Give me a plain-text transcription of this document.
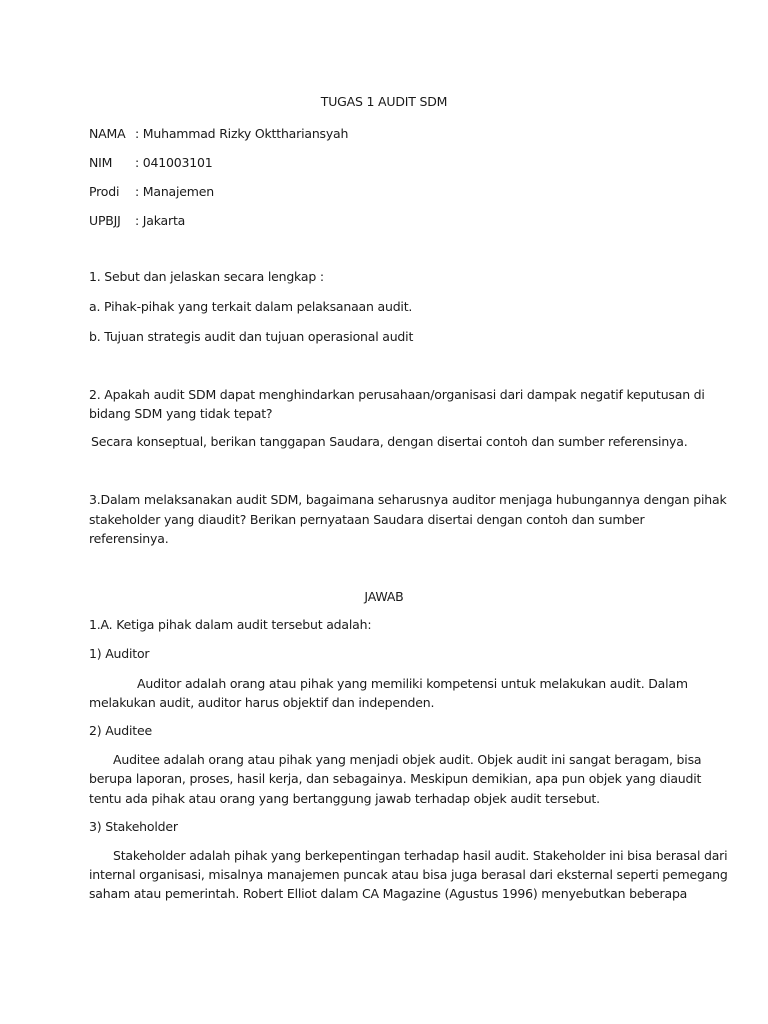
TUGAS 1 AUDIT SDM
NAMA : Muhammad Rizky Oktthariansyah
NIM : 041003101
Prodi : Manajemen
UPBJJ : Jakarta
1. Sebut dan jelaskan secara lengkap :
a. Pihak-pihak yang terkait dalam pelaksanaan audit.
b. Tujuan strategis audit dan tujuan operasional audit
2. Apakah audit SDM dapat menghindarkan perusahaan/organisasi dari dampak negatif keputusan di
bidang SDM yang tidak tepat?
Secara konseptual, berikan tanggapan Saudara, dengan disertai contoh dan sumber referensinya.
3.Dalam melaksanakan audit SDM, bagaimana seharusnya auditor menjaga hubungannya dengan pihak
stakeholder yang diaudit? Berikan pernyataan Saudara disertai dengan contoh dan sumber
referensinya.
JAWAB
1.A. Ketiga pihak dalam audit tersebut adalah:
1) Auditor
Auditor adalah orang atau pihak yang memiliki kompetensi untuk melakukan audit. Dalam
melakukan audit, auditor harus objektif dan independen.
2) Auditee
Auditee adalah orang atau pihak yang menjadi objek audit. Objek audit ini sangat beragam, bisa
berupa laporan, proses, hasil kerja, dan sebagainya. Meskipun demikian, apa pun objek yang diaudit
tentu ada pihak atau orang yang bertanggung jawab terhadap objek audit tersebut.
3) Stakeholder
Stakeholder adalah pihak yang berkepentingan terhadap hasil audit. Stakeholder ini bisa berasal dari
internal organisasi, misalnya manajemen puncak atau bisa juga berasal dari eksternal seperti pemegang
saham atau pemerintah. Robert Elliot dalam CA Magazine (Agustus 1996) menyebutkan beberapa
